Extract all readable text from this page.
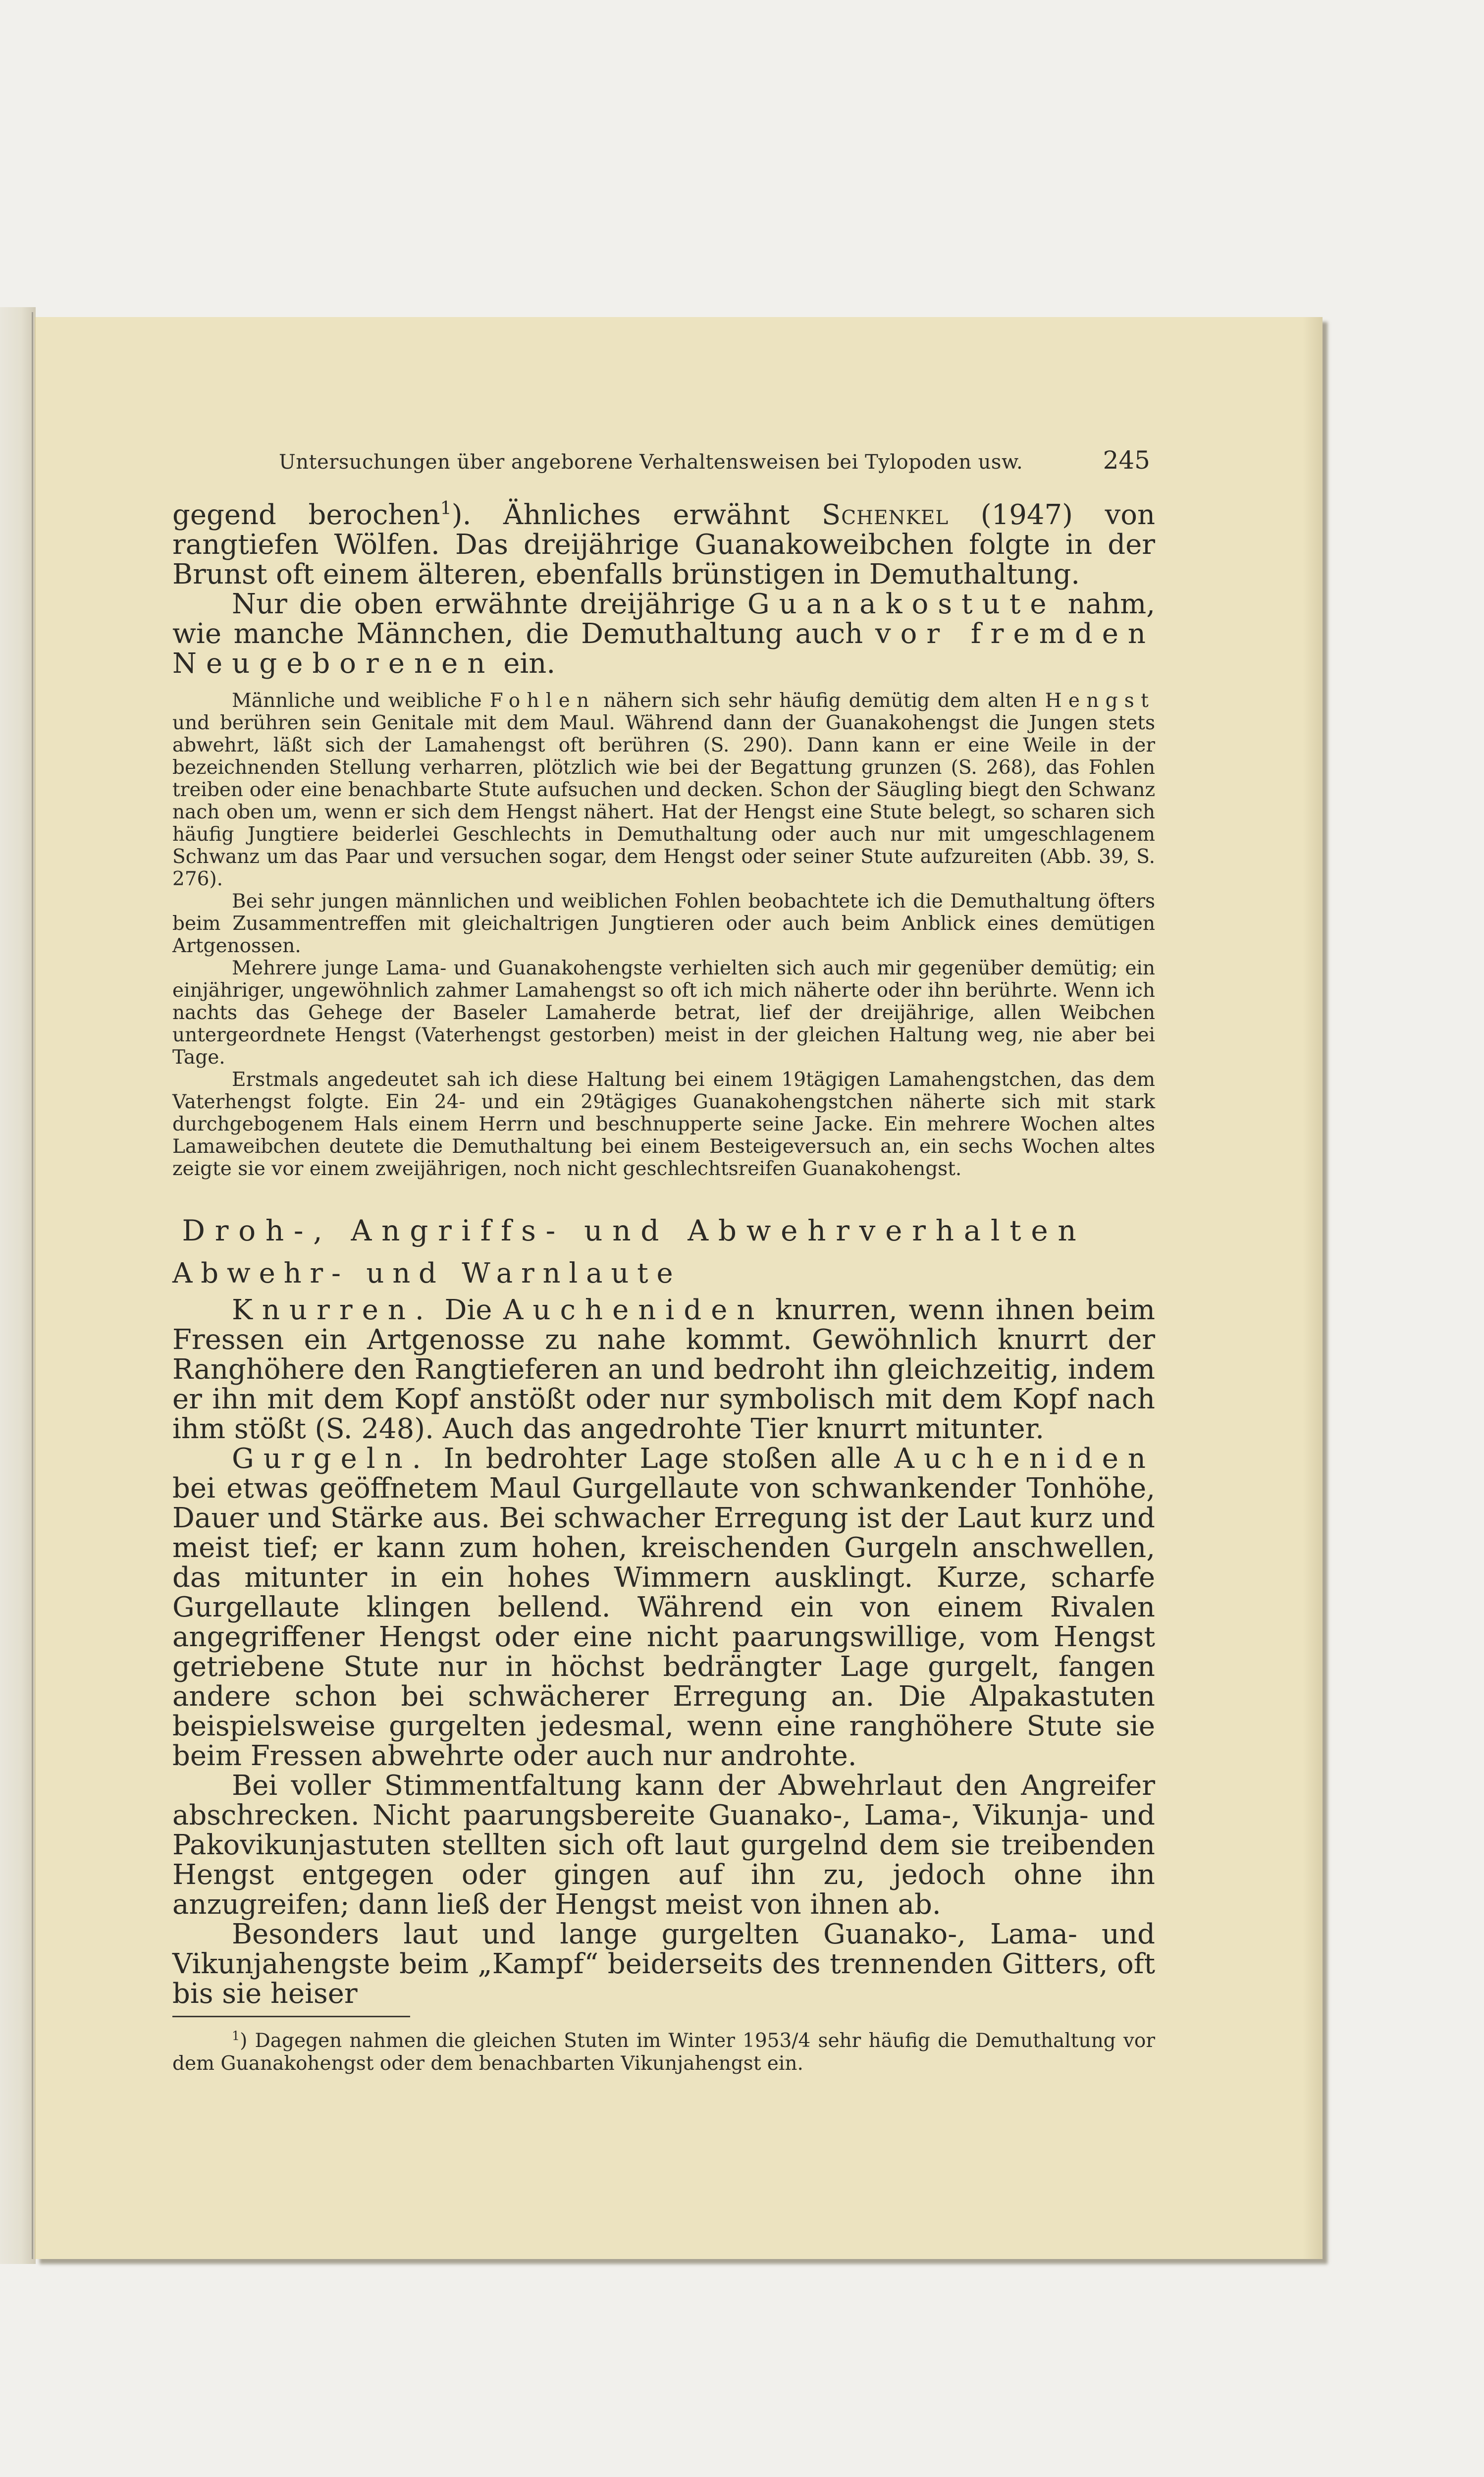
Untersuchungen über angeborene Verhaltensweisen bei Tylopoden usw.	245

gegend berochen$^1$). Ähnliches erwähnt Schenkel (1947) von rangtiefen Wölfen. Das dreijährige Guanakoweibchen folgte in der Brunst oft einem älteren, ebenfalls brünstigen in Demuthaltung.

Nur die oben erwähnte dreijährige Guanakostute nahm, wie manche Männchen, die Demuthaltung auch vor fremden Neugeborenen ein.

Männliche und weibliche Fohlen nähern sich sehr häufig demütig dem alten Hengst und berühren sein Genitale mit dem Maul. Während dann der Guanakohengst die Jungen stets abwehrt, läßt sich der Lamahengst oft berühren (S. 290). Dann kann er eine Weile in der bezeichnenden Stellung verharren, plötzlich wie bei der Begattung grunzen (S. 268), das Fohlen treiben oder eine benachbarte Stute aufsuchen und decken. Schon der Säugling biegt den Schwanz nach oben um, wenn er sich dem Hengst nähert. Hat der Hengst eine Stute belegt, so scharen sich häufig Jungtiere beiderlei Geschlechts in Demuthaltung oder auch nur mit umgeschlagenem Schwanz um das Paar und versuchen sogar, dem Hengst oder seiner Stute aufzureiten (Abb. 39, S. 276).

Bei sehr jungen männlichen und weiblichen Fohlen beobachtete ich die Demuthaltung öfters beim Zusammentreffen mit gleichaltrigen Jungtieren oder auch beim Anblick eines demütigen Artgenossen.

Mehrere junge Lama- und Guanakohengste verhielten sich auch mir gegenüber demütig; ein einjähriger, ungewöhnlich zahmer Lamahengst so oft ich mich näherte oder ihn berührte. Wenn ich nachts das Gehege der Baseler Lamaherde betrat, lief der dreijährige, allen Weibchen untergeordnete Hengst (Vaterhengst gestorben) meist in der gleichen Haltung weg, nie aber bei Tage.

Erstmals angedeutet sah ich diese Haltung bei einem 19tägigen Lamahengstchen, das dem Vaterhengst folgte. Ein 24- und ein 29tägiges Guanakohengstchen näherte sich mit stark durchgebogenem Hals einem Herrn und beschnupperte seine Jacke. Ein mehrere Wochen altes Lamaweibchen deutete die Demuthaltung bei einem Besteigeversuch an, ein sechs Wochen altes zeigte sie vor einem zweijährigen, noch nicht geschlechtsreifen Guanakohengst.

Droh-, Angriffs- und Abwehrverhalten
Abwehr- und Warnlaute

Knurren. Die Aucheniden knurren, wenn ihnen beim Fressen ein Artgenosse zu nahe kommt. Gewöhnlich knurrt der Ranghöhere den Rangtieferen an und bedroht ihn gleichzeitig, indem er ihn mit dem Kopf anstößt oder nur symbolisch mit dem Kopf nach ihm stößt (S. 248). Auch das angedrohte Tier knurrt mitunter.

Gurgeln. In bedrohter Lage stoßen alle Aucheniden bei etwas geöffnetem Maul Gurgellaute von schwankender Tonhöhe, Dauer und Stärke aus. Bei schwacher Erregung ist der Laut kurz und meist tief; er kann zum hohen, kreischenden Gurgeln anschwellen, das mitunter in ein hohes Wimmern ausklingt. Kurze, scharfe Gurgellaute klingen bellend. Während ein von einem Rivalen angegriffener Hengst oder eine nicht paarungswillige, vom Hengst getriebene Stute nur in höchst bedrängter Lage gurgelt, fangen andere schon bei schwächerer Erregung an. Die Alpakastuten beispielsweise gurgelten jedesmal, wenn eine ranghöhere Stute sie beim Fressen abwehrte oder auch nur androhte.

Bei voller Stimmentfaltung kann der Abwehrlaut den Angreifer abschrecken. Nicht paarungsbereite Guanako-, Lama-, Vikunja- und Pakovikunjastuten stellten sich oft laut gurgelnd dem sie treibenden Hengst entgegen oder gingen auf ihn zu, jedoch ohne ihn anzugreifen; dann ließ der Hengst meist von ihnen ab.

Besonders laut und lange gurgelten Guanako-, Lama- und Vikunjahengste beim „Kampf“ beiderseits des trennenden Gitters, oft bis sie heiser

$^1$) Dagegen nahmen die gleichen Stuten im Winter 1953/4 sehr häufig die Demuthaltung vor dem Guanakohengst oder dem benachbarten Vikunjahengst ein.
